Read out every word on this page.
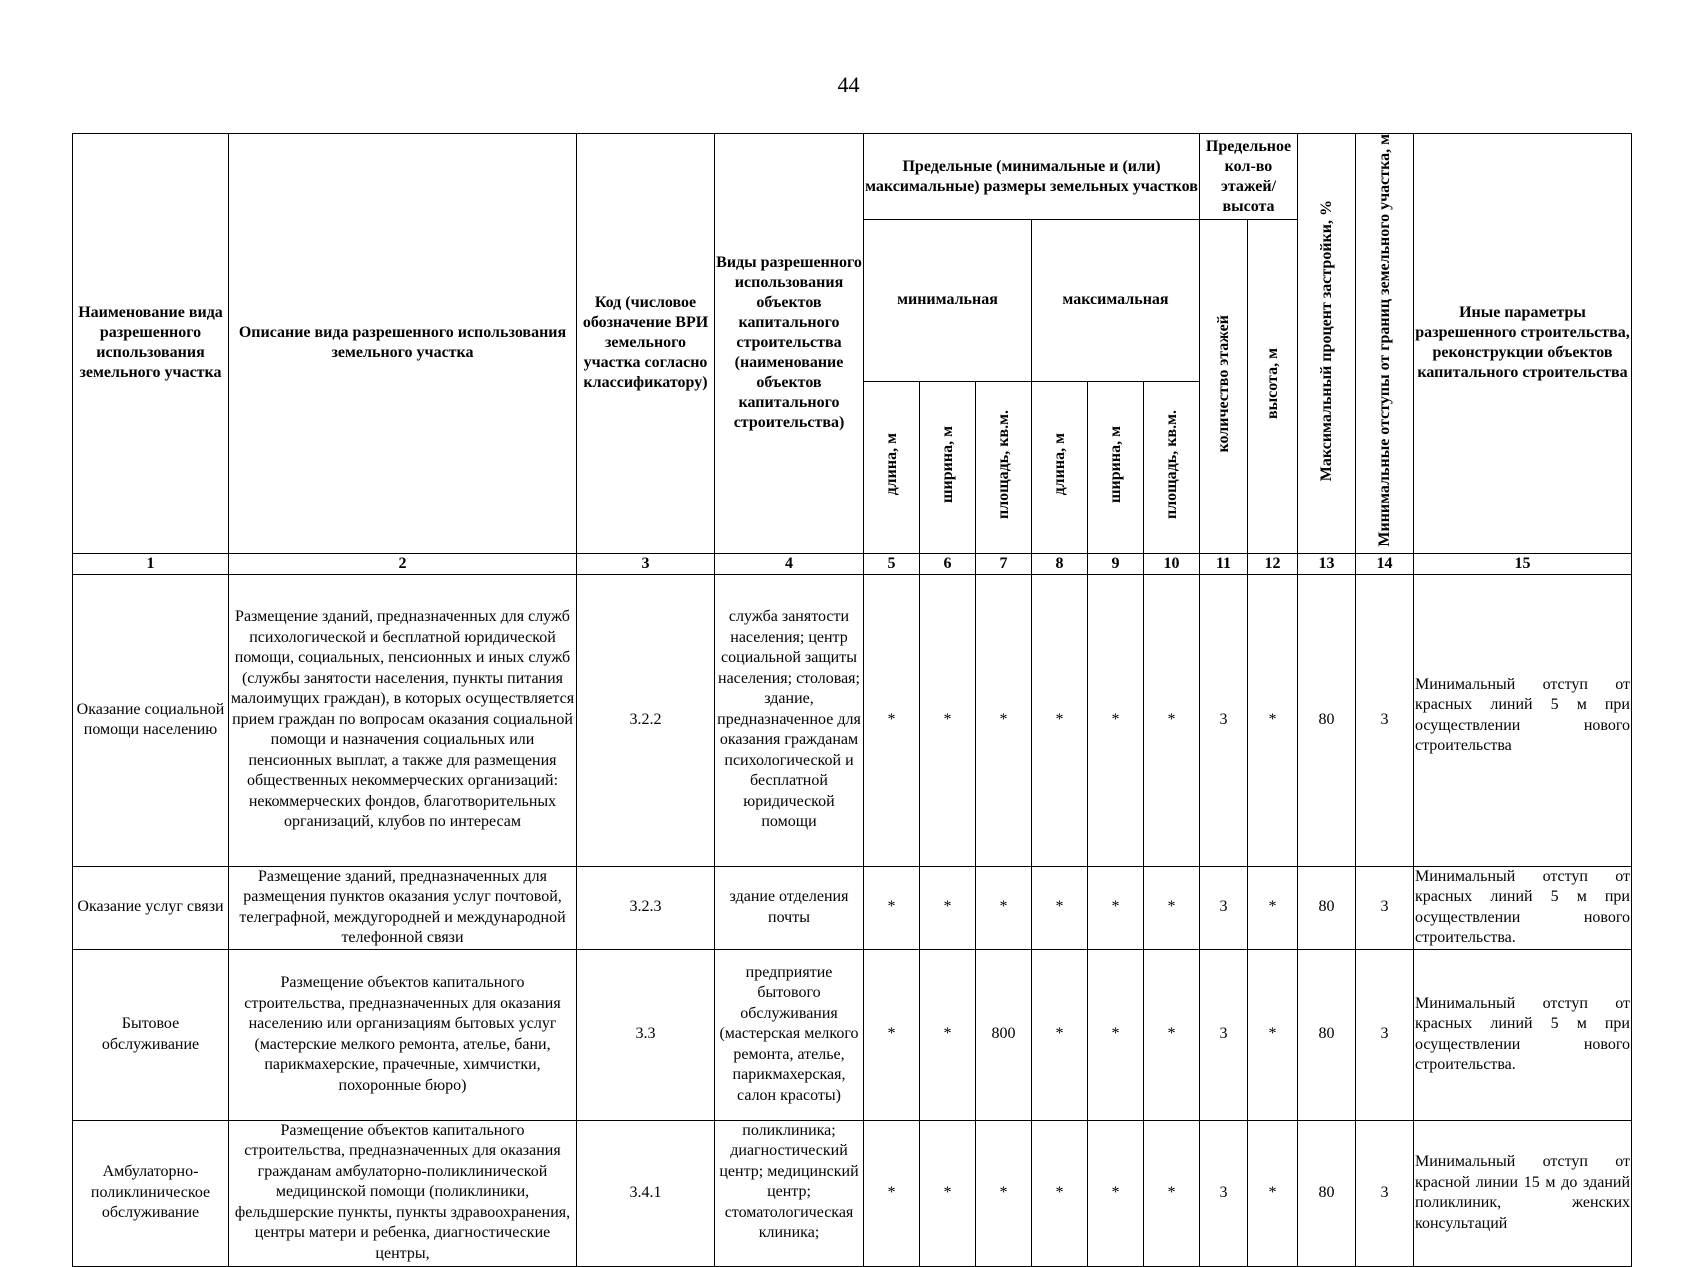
44
Наименование вида разрешенного использования земельного участка	Описание вида разрешенного использования земельного участка	Код (числовое обозначение ВРИ земельного участка согласно классификатору)	Виды разрешенного использования объектов капитального строительства (наименование объектов капитального строительства)	Предельные (минимальные и (или) максимальные) размеры земельных участков						Предельное кол-во этажей/ высота		Максимальный процент застройки, %	Минимальные отступы от границ земельного участка, м	Иные параметры разрешенного строительства, реконструкции объектов капитального строительства
				минимальная			максимальная			количество этажей	высота, м			
				длина, м	ширина, м	площадь, кв.м.	длина, м	ширина, м	площадь, кв.м.					
1	2	3	4	5	6	7	8	9	10	11	12	13	14	15
Оказание социальной помощи населению	Размещение зданий, предназначенных для служб психологической и бесплатной юридической помощи, социальных, пенсионных и иных служб (службы занятости населения, пункты питания малоимущих граждан), в которых осуществляется прием граждан по вопросам оказания социальной помощи и назначения социальных или пенсионных выплат, а также для размещения общественных некоммерческих организаций: некоммерческих фондов, благотворительных организаций, клубов по интересам	3.2.2	служба занятости населения; центр социальной защиты населения; столовая; здание, предназначенное для оказания гражданам психологической и бесплатной юридической помощи	*	*	*	*	*	*	3	*	80	3	Минимальный отступ от красных линий 5 м при осуществлении нового строительства
Оказание услуг связи	Размещение зданий, предназначенных для размещения пунктов оказания услуг почтовой, телеграфной, междугородней и международной телефонной связи	3.2.3	здание отделения почты	*	*	*	*	*	*	3	*	80	3	Минимальный отступ от красных линий 5 м при осуществлении нового строительства.
Бытовое обслуживание	Размещение объектов капитального строительства, предназначенных для оказания населению или организациям бытовых услуг (мастерские мелкого ремонта, ателье, бани, парикмахерские, прачечные, химчистки, похоронные бюро)	3.3	предприятие бытового обслуживания (мастерская мелкого ремонта, ателье, парикмахерская, салон красоты)	*	*	800	*	*	*	3	*	80	3	Минимальный отступ от красных линий 5 м при осуществлении нового строительства.
Амбулаторно-поликлиническое обслуживание	Размещение объектов капитального строительства, предназначенных для оказания гражданам амбулаторно-поликлинической медицинской помощи (поликлиники, фельдшерские пункты, пункты здравоохранения, центры матери и ребенка, диагностические центры,	3.4.1	поликлиника; диагностический центр; медицинский центр; стоматологическая клиника;	*	*	*	*	*	*	3	*	80	3	Минимальный отступ от красной линии 15 м до зданий поликлиник, женских консультаций
